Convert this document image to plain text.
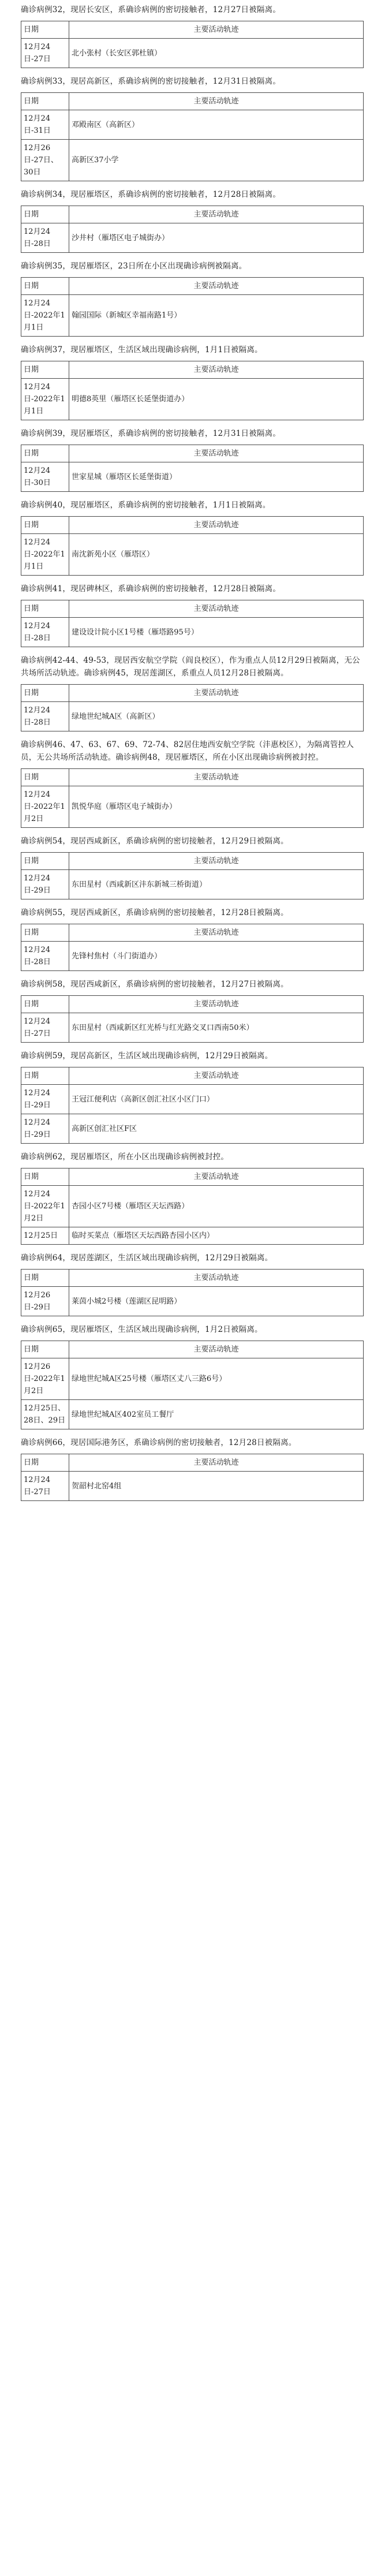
确诊病例32，现居长安区，系确诊病例的密切接触者，12月27日被隔离。
日期	主要活动轨迹
12月24日-27日	北小张村（长安区郭杜镇）
确诊病例33，现居高新区，系确诊病例的密切接触者，12月31日被隔离。
日期	主要活动轨迹
12月24日-31日	邓殿南区（高新区）
12月26日-27日、30日	高新区37小学
确诊病例34，现居雁塔区，系确诊病例的密切接触者，12月28日被隔离。
日期	主要活动轨迹
12月24日-28日	沙井村（雁塔区电子城街办）
确诊病例35，现居雁塔区，23日所在小区出现确诊病例被隔离。
日期	主要活动轨迹
12月24日-2022年1月1日	翰园国际（新城区幸福南路1号）
确诊病例37，现居雁塔区，生活区域出现确诊病例，1月1日被隔离。
日期	主要活动轨迹
12月24日-2022年1月1日	明德8英里（雁塔区长延堡街道办）
确诊病例39，现居雁塔区，系确诊病例的密切接触者，12月31日被隔离。
日期	主要活动轨迹
12月24日-30日	世家星城（雁塔区长延堡街道）
确诊病例40，现居雁塔区，系确诊病例的密切接触者，1月1日被隔离。
日期	主要活动轨迹
12月24日-2022年1月1日	南沈新苑小区（雁塔区）
确诊病例41，现居碑林区，系确诊病例的密切接触者，12月28日被隔离。
日期	主要活动轨迹
12月24日-28日	建设设计院小区1号楼（雁塔路95号）
确诊病例42-44、49-53，现居西安航空学院（阎良校区），作为重点人员12月29日被隔离，无公共场所活动轨迹。确诊病例45，现居莲湖区，系重点人员12月28日被隔离。
日期	主要活动轨迹
12月24日-28日	绿地世纪城A区（高新区）
确诊病例46、47、63、67、69、72-74、82居住地西安航空学院（沣惠校区），为隔离管控人员，无公共场所活动轨迹。确诊病例48，现居雁塔区，所在小区出现确诊病例被封控。
日期	主要活动轨迹
12月24日-2022年1月2日	凯悦华庭（雁塔区电子城街办）
确诊病例54，现居西咸新区，系确诊病例的密切接触者，12月29日被隔离。
日期	主要活动轨迹
12月24日-29日	东田星村（西咸新区沣东新城三桥街道）
确诊病例55，现居西咸新区，系确诊病例的密切接触者，12月28日被隔离。
日期	主要活动轨迹
12月24日-28日	先锋村焦村（斗门街道办）
确诊病例58，现居西咸新区，系确诊病例的密切接触者，12月27日被隔离。
日期	主要活动轨迹
12月24日-27日	东田星村（西咸新区红光桥与红光路交叉口西南50米）
确诊病例59，现居高新区，生活区域出现确诊病例，12月29日被隔离。
日期	主要活动轨迹
12月24日-29日	王冠江便利店（高新区创汇社区小区门口）
12月24日-29日	高新区创汇社区F区
确诊病例62，现居雁塔区，所在小区出现确诊病例被封控。
日期	主要活动轨迹
12月24日-2022年1月2日	杏园小区7号楼（雁塔区天坛西路）
12月25日	临时买菜点（雁塔区天坛西路杏园小区内）
确诊病例64，现居莲湖区，生活区域出现确诊病例，12月29日被隔离。
日期	主要活动轨迹
12月26日-29日	莱茵小城2号楼（莲湖区昆明路）
确诊病例65，现居雁塔区，生活区域出现确诊病例，1月2日被隔离。
日期	主要活动轨迹
12月26日-2022年1月2日	绿地世纪城A区25号楼（雁塔区丈八三路6号）
12月25日、28日、29日	绿地世纪城A区402室员工餐厅
确诊病例66，现居国际港务区，系确诊病例的密切接触者，12月28日被隔离。
日期	主要活动轨迹
12月24日-27日	贺韶村北窑4组
